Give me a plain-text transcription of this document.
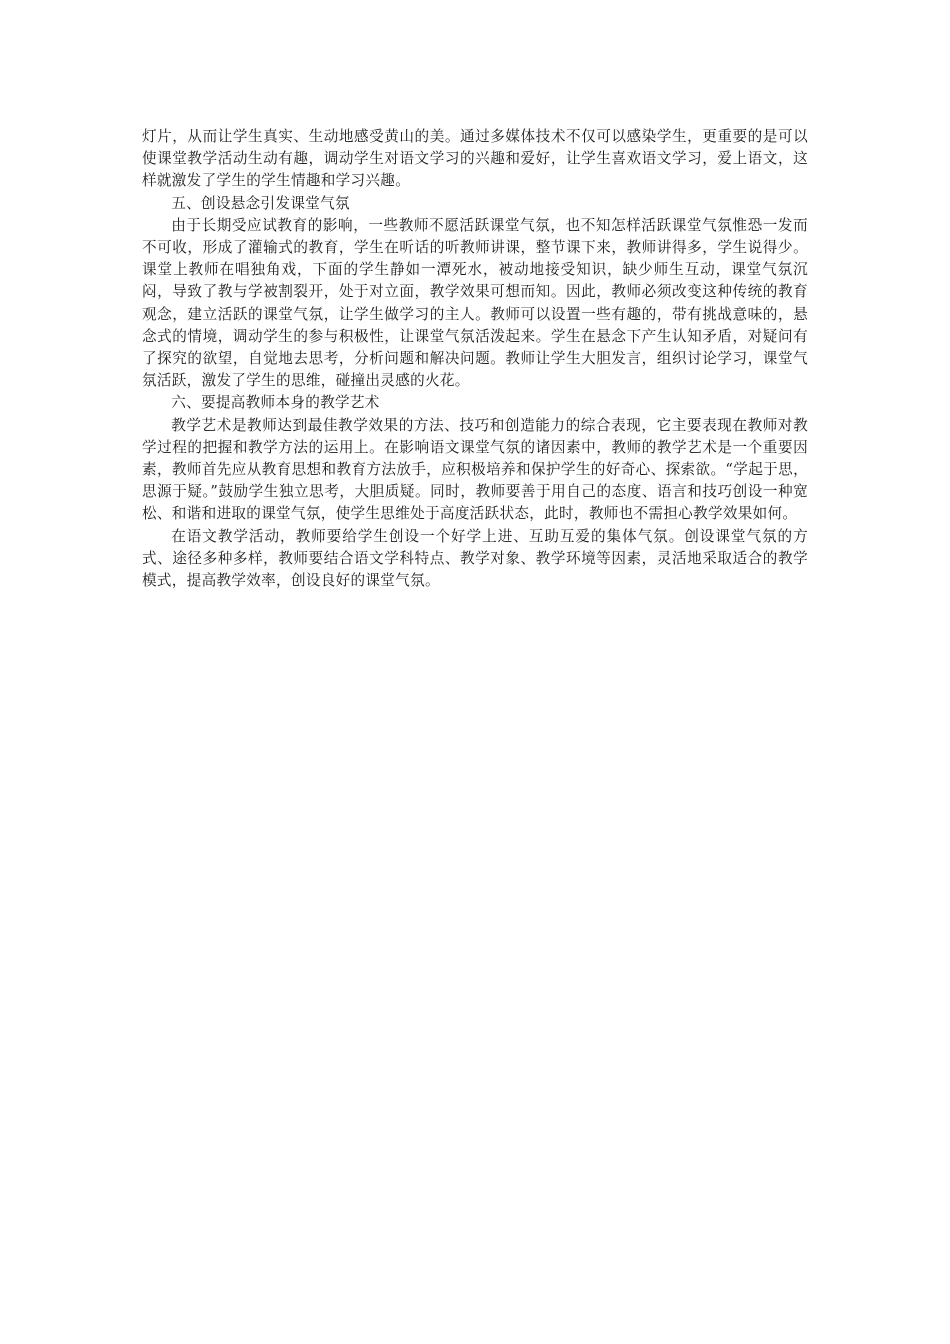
灯片，从而让学生真实、生动地感受黄山的美。通过多媒体技术不仅可以感染学生，更重要的是可以使课堂教学活动生动有趣，调动学生对语文学习的兴趣和爱好，让学生喜欢语文学习，爱上语文，这样就激发了学生的学生情趣和学习兴趣。

五、创设悬念引发课堂气氛

由于长期受应试教育的影响，一些教师不愿活跃课堂气氛，也不知怎样活跃课堂气氛惟恐一发而不可收，形成了灌输式的教育，学生在听话的听教师讲课，整节课下来，教师讲得多，学生说得少。课堂上教师在唱独角戏，下面的学生静如一潭死水，被动地接受知识，缺少师生互动，课堂气氛沉闷，导致了教与学被割裂开，处于对立面，教学效果可想而知。因此，教师必须改变这种传统的教育观念，建立活跃的课堂气氛，让学生做学习的主人。教师可以设置一些有趣的，带有挑战意味的，悬念式的情境，调动学生的参与积极性，让课堂气氛活泼起来。学生在悬念下产生认知矛盾，对疑问有了探究的欲望，自觉地去思考，分析问题和解决问题。教师让学生大胆发言，组织讨论学习，课堂气氛活跃，激发了学生的思维，碰撞出灵感的火花。

六、要提高教师本身的教学艺术

教学艺术是教师达到最佳教学效果的方法、技巧和创造能力的综合表现，它主要表现在教师对教学过程的把握和教学方法的运用上。在影响语文课堂气氛的诸因素中，教师的教学艺术是一个重要因素，教师首先应从教育思想和教育方法放手，应积极培养和保护学生的好奇心、探索欲。“学起于思，思源于疑。”鼓励学生独立思考，大胆质疑。同时，教师要善于用自己的态度、语言和技巧创设一种宽松、和谐和进取的课堂气氛，使学生思维处于高度活跃状态，此时，教师也不需担心教学效果如何。

在语文教学活动，教师要给学生创设一个好学上进、互助互爱的集体气氛。创设课堂气氛的方式、途径多种多样，教师要结合语文学科特点、教学对象、教学环境等因素，灵活地采取适合的教学模式，提高教学效率，创设良好的课堂气氛。
